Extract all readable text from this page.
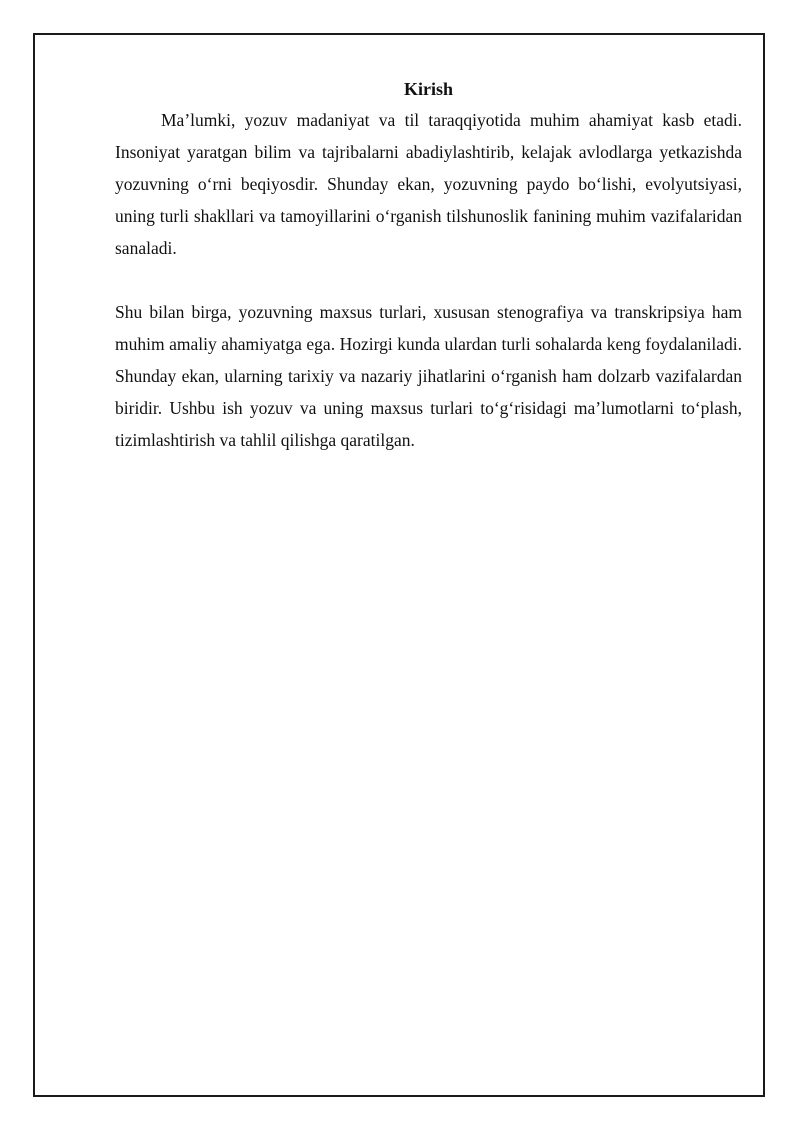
Kirish

Ma’lumki, yozuv madaniyat va til taraqqiyotida muhim ahamiyat kasb etadi. Insoniyat yaratgan bilim va tajribalarni abadiylashtirib, kelajak avlodlarga yetkazishda yozuvning o‘rni beqiyosdir. Shunday ekan, yozuvning paydo bo‘lishi, evolyutsiyasi, uning turli shakllari va tamoyillarini o‘rganish tilshunoslik fanining muhim vazifalaridan sanaladi.

Shu bilan birga, yozuvning maxsus turlari, xususan stenografiya va transkripsiya ham muhim amaliy ahamiyatga ega. Hozirgi kunda ulardan turli sohalarda keng foydalaniladi. Shunday ekan, ularning tarixiy va nazariy jihatlarini o‘rganish ham dolzarb vazifalardan biridir. Ushbu ish yozuv va uning maxsus turlari to‘g‘risidagi ma’lumotlarni to‘plash, tizimlashtirish va tahlil qilishga qaratilgan.
